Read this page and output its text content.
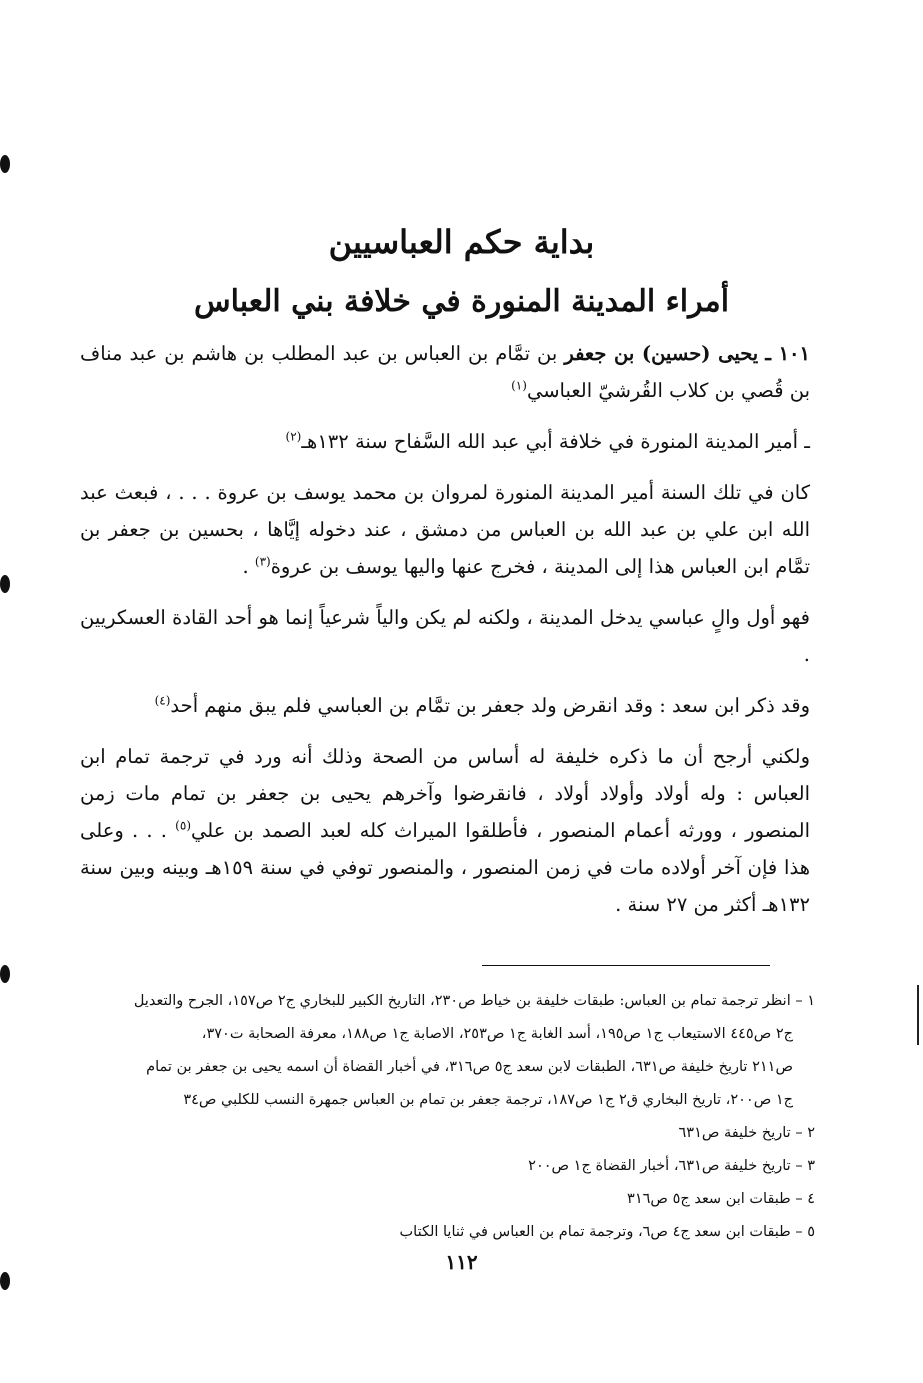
بداية حكم العباسيين
أمراء المدينة المنورة في خلافة بني العباس

١٠١ ـ يحيى (حسين) بن جعفر بن تمَّام بن العباس بن عبد المطلب بن هاشم بن عبد مناف بن قُصي بن كلاب القُرشيّ العباسي$^{(١)}$

ـ أمير المدينة المنورة في خلافة أبي عبد الله السَّفاح سنة ١٣٢هـ$^{(٢)}$

كان في تلك السنة أمير المدينة المنورة لمروان بن محمد يوسف بن عروة . . . ، فبعث عبد الله ابن علي بن عبد الله بن العباس من دمشق ، عند دخوله إيَّاها ، بحسين بن جعفر بن تمَّام ابن العباس هذا إلى المدينة ، فخرج عنها واليها يوسف بن عروة$^{(٣)}$ .

فهو أول والٍ عباسي يدخل المدينة ، ولكنه لم يكن والياً شرعياً إنما هو أحد القادة العسكريين .

وقد ذكر ابن سعد : وقد انقرض ولد جعفر بن تمَّام بن العباسي فلم يبق منهم أحد$^{(٤)}$

ولكني أرجح أن ما ذكره خليفة له أساس من الصحة وذلك أنه ورد في ترجمة تمام ابن العباس : وله أولاد وأولاد أولاد ، فانقرضوا وآخرهم يحيى بن جعفر بن تمام مات زمن المنصور ، وورثه أعمام المنصور ، فأطلقوا الميراث كله لعبد الصمد بن علي$^{(٥)}$ . . . وعلى هذا فإن آخر أولاده مات في زمن المنصور ، والمنصور توفي في سنة ١٥٩هـ وبينه وبين سنة ١٣٢هـ أكثر من ٢٧ سنة .

١ – انظر ترجمة تمام بن العباس: طبقات خليفة بن خياط ص٢٣٠، التاريخ الكبير للبخاري ج٢ ص١٥٧، الجرح والتعديل
ج٢ ص٤٤٥ الاستيعاب ج١ ص١٩٥، أسد الغابة ج١ ص٢٥٣، الاصابة ج١ ص١٨٨، معرفة الصحابة ت٣٧٠،
ص٢١١ تاريخ خليفة ص٦٣١، الطبقات لابن سعد ج٥ ص٣١٦، في أخبار القضاة أن اسمه يحيى بن جعفر بن تمام
ج١ ص٢٠٠، تاريخ البخاري ق٢ ج١ ص١٨٧، ترجمة جعفر بن تمام بن العباس جمهرة النسب للكلبي ص٣٤
٢ – تاريخ خليفة ص٦٣١
٣ – تاريخ خليفة ص٦٣١، أخبار القضاة ج١ ص٢٠٠
٤ – طبقات ابن سعد ج٥ ص٣١٦
٥ – طبقات ابن سعد ج٤ ص٦، وترجمة تمام بن العباس في ثنايا الكتاب
١١٢
